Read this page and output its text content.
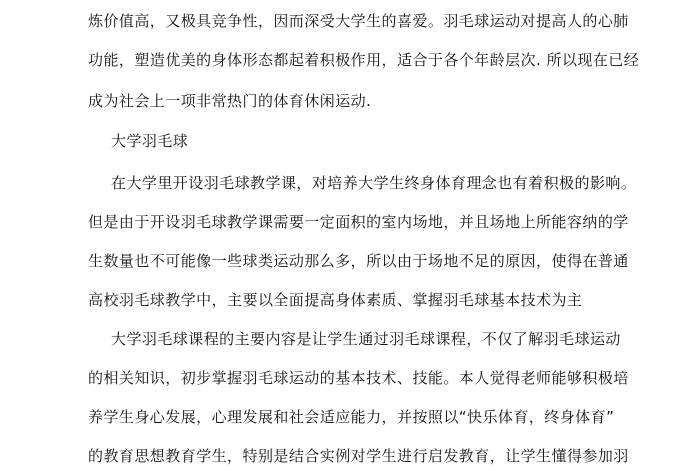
炼价值高，又极具竞争性，因而深受大学生的喜爱。羽毛球运动对提高人的心肺
功能，塑造优美的身体形态都起着积极作用，适合于各个年龄层次. 所以现在已经
成为社会上一项非常热门的体育休闲运动.
大学羽毛球
在大学里开设羽毛球教学课，对培养大学生终身体育理念也有着积极的影响。
但是由于开设羽毛球教学课需要一定面积的室内场地，并且场地上所能容纳的学
生数量也不可能像一些球类运动那么多，所以由于场地不足的原因，使得在普通
高校羽毛球教学中，主要以全面提高身体素质、掌握羽毛球基本技术为主
大学羽毛球课程的主要内容是让学生通过羽毛球课程，不仅了解羽毛球运动
的相关知识，初步掌握羽毛球运动的基本技术、技能。本人觉得老师能够积极培
养学生身心发展，心理发展和社会适应能力，并按照以“快乐体育，终身体育”
的教育思想教育学生，特别是结合实例对学生进行启发教育，让学生懂得参加羽
